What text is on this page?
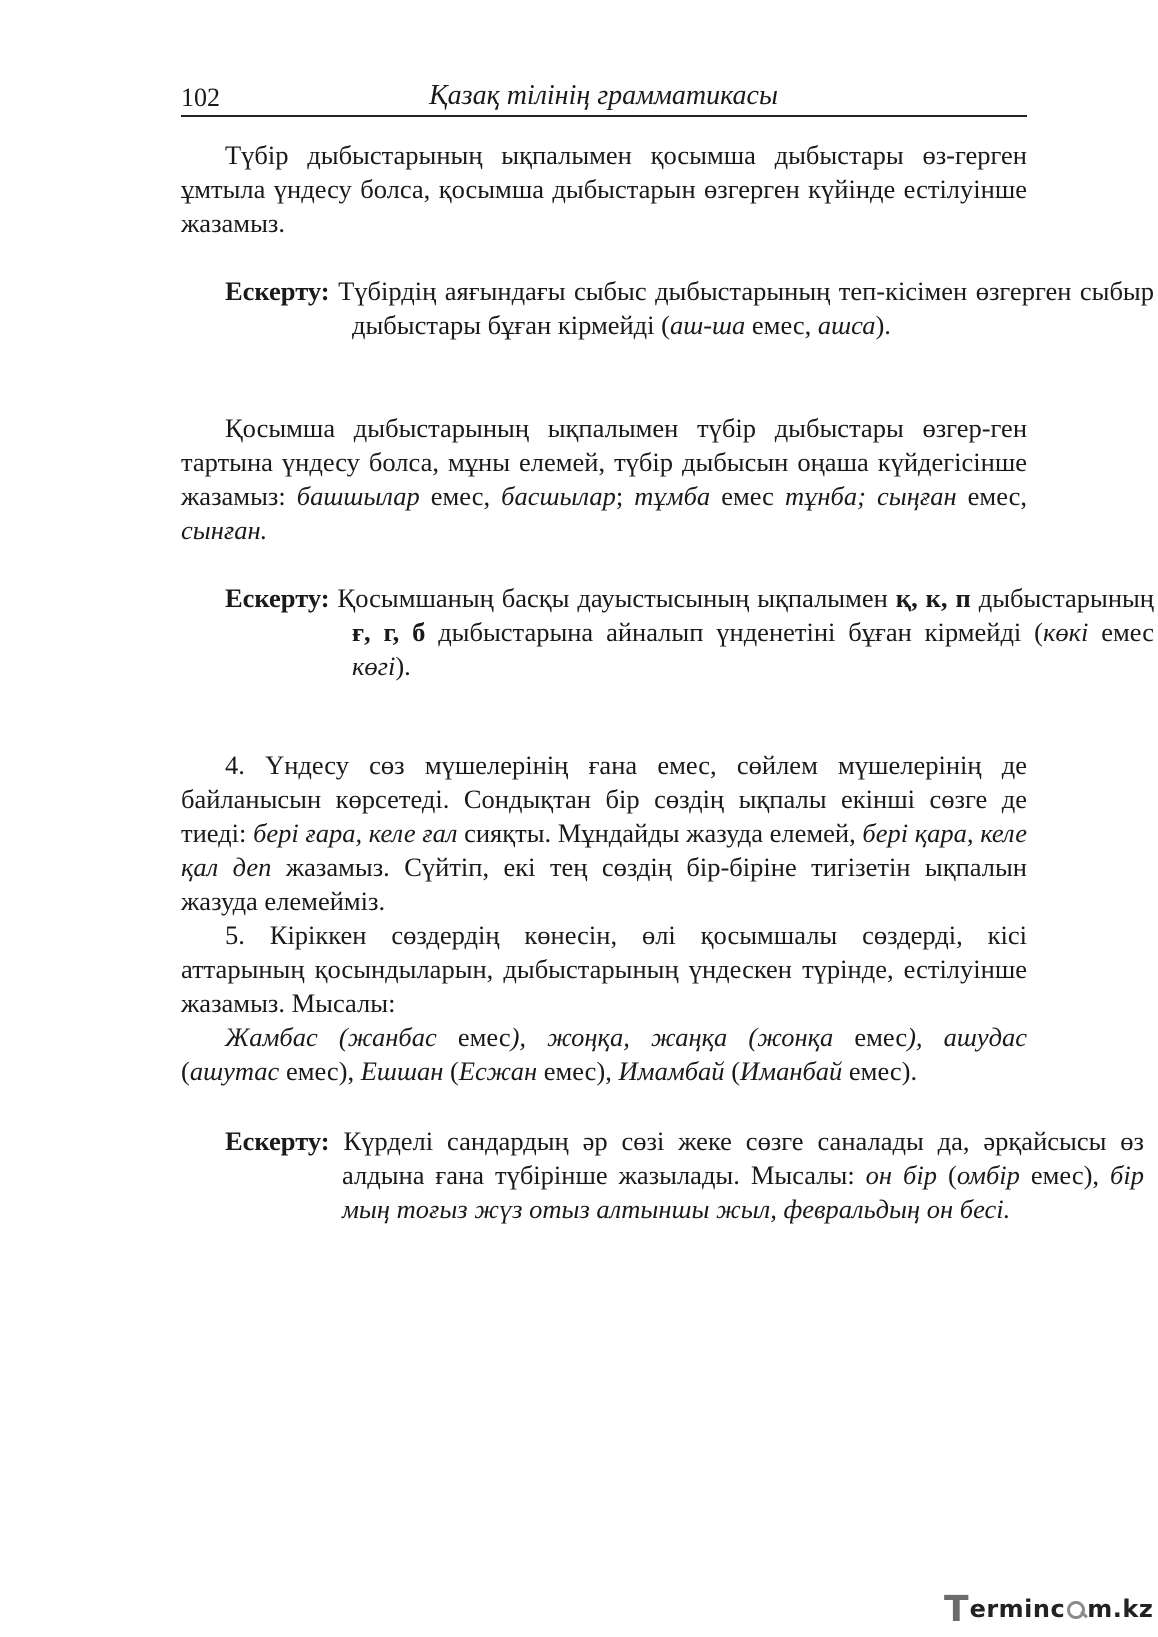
102	Қазақ тілінің грамматикасы

Түбір дыбыстарының ықпалымен қосымша дыбыстары өз-герген ұмтыла үндесу болса, қосымша дыбыстарын өзгерген күйінде естілуінше жазамыз.

Ескерту: Түбірдің аяғындағы сыбыс дыбыстарының теп-кісімен өзгерген сыбыр дыбыстары бұған кірмейді (аш-ша емес, ашса).

Қосымша дыбыстарының ықпалымен түбір дыбыстары өзгер-ген тартына үндесу болса, мұны елемей, түбір дыбысын оңаша күйдегісінше жазамыз: башшылар емес, басшылар; тұмба емес тұнба; сыңған емес, сынған.

Ескерту: Қосымшаның басқы дауыстысының ықпалымен қ, к, п дыбыстарының ғ, г, б дыбыстарына айналып үнденетіні бұған кірмейді (көкі емес көгі).

4. Үндесу сөз мүшелерінің ғана емес, сөйлем мүшелерінің де байланысын көрсетеді. Сондықтан бір сөздің ықпалы екінші сөзге де тиеді: бері ғара, келе ғал сияқты. Мұндайды жазуда елемей, бері қара, келе қал деп жазамыз. Сүйтіп, екі тең сөздің бір-біріне тигізетін ықпалын жазуда елемейміз.

5. Кіріккен сөздердің көнесін, өлі қосымшалы сөздерді, кісі аттарының қосындыларын, дыбыстарының үндескен түрінде, естілуінше жазамыз. Мысалы:

Жамбас (жанбас емес), жоңқа, жаңқа (жонқа емес), ашудас (ашутас емес), Ешшан (Есжан емес), Имамбай (Иманбай емес).

Ескерту: Күрделі сандардың әр сөзі жеке сөзге саналады да, әрқайсысы өз алдына ғана түбірінше жазылады. Мысалы: он бір (омбір емес), бір мың тоғыз жүз отыз алтыншы жыл, февральдың он бесі.

T erminc m.kz
